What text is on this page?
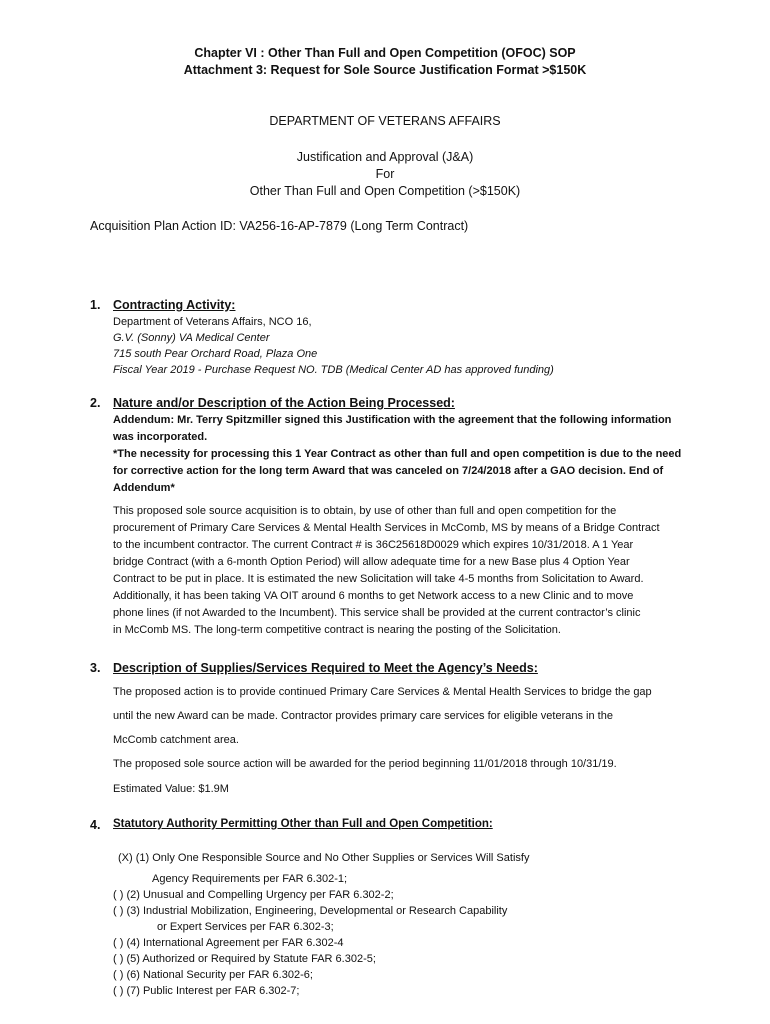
Chapter VI : Other Than Full and Open Competition (OFOC) SOP
Attachment 3: Request for Sole Source Justification Format >$150K
DEPARTMENT OF VETERANS AFFAIRS
Justification and Approval (J&A)
For
Other Than Full and Open Competition (>$150K)
Acquisition Plan Action ID: VA256-16-AP-7879 (Long Term Contract)
1. Contracting Activity:
Department of Veterans Affairs, NCO 16,
G.V. (Sonny) VA Medical Center
715 south Pear Orchard Road, Plaza One
Fiscal Year 2019 - Purchase Request NO. TDB (Medical Center AD has approved funding)
2. Nature and/or Description of the Action Being Processed:
Addendum: Mr. Terry Spitzmiller signed this Justification with the agreement that the following information
was incorporated.
*The necessity for processing this 1 Year Contract as other than full and open competition is due to the need
for corrective action for the long term Award that was canceled on 7/24/2018 after a GAO decision. End of
Addendum*
This proposed sole source acquisition is to obtain, by use of other than full and open competition for the
procurement of Primary Care Services & Mental Health Services in McComb, MS by means of a Bridge Contract
to the incumbent contractor. The current Contract # is 36C25618D0029 which expires 10/31/2018. A 1 Year
bridge Contract (with a 6-month Option Period) will allow adequate time for a new Base plus 4 Option Year
Contract to be put in place. It is estimated the new Solicitation will take 4-5 months from Solicitation to Award.
Additionally, it has been taking VA OIT around 6 months to get Network access to a new Clinic and to move
phone lines (if not Awarded to the Incumbent). This service shall be provided at the current contractor’s clinic
in McComb MS. The long-term competitive contract is nearing the posting of the Solicitation.
3. Description of Supplies/Services Required to Meet the Agency’s Needs:
The proposed action is to provide continued Primary Care Services & Mental Health Services to bridge the gap
until the new Award can be made. Contractor provides primary care services for eligible veterans in the
McComb catchment area.
The proposed sole source action will be awarded for the period beginning 11/01/2018 through 10/31/19.
Estimated Value: $1.9M
4. Statutory Authority Permitting Other than Full and Open Competition:
(X) (1) Only One Responsible Source and No Other Supplies or Services Will Satisfy
Agency Requirements per FAR 6.302-1;
( ) (2) Unusual and Compelling Urgency per FAR 6.302-2;
( ) (3) Industrial Mobilization, Engineering, Developmental or Research Capability
or Expert Services per FAR 6.302-3;
( ) (4) International Agreement per FAR 6.302-4
( ) (5) Authorized or Required by Statute FAR 6.302-5;
( ) (6) National Security per FAR 6.302-6;
( ) (7) Public Interest per FAR 6.302-7;
